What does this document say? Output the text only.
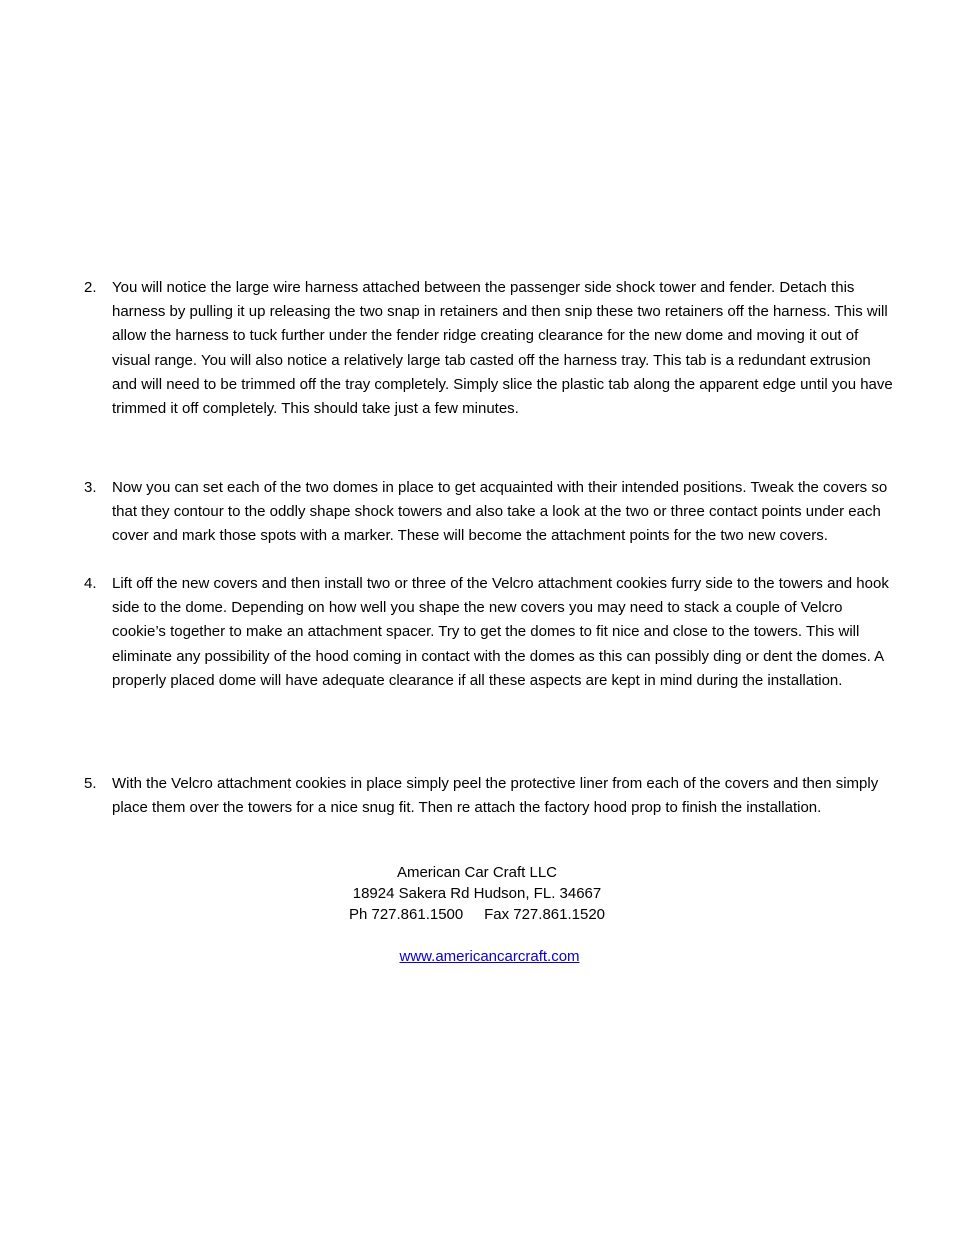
2.	You will notice the large wire harness attached between the passenger side shock tower and fender. Detach this harness by pulling it up releasing the two snap in retainers and then snip these two retainers off the harness. This will allow the harness to tuck further under the fender ridge creating clearance for the new dome and moving it out of visual range. You will also notice a relatively large tab casted off the harness tray. This tab is a redundant extrusion and will need to be trimmed off the tray completely. Simply slice the plastic tab along the apparent edge until you have trimmed it off completely. This should take just a few minutes.
3.	Now you can set each of the two domes in place to get acquainted with their intended positions. Tweak the covers so that they contour to the oddly shape shock towers and also take a look at the two or three contact points under each cover and mark those spots with a marker. These will become the attachment points for the two new covers.
4.	Lift off the new covers and then install two or three of the Velcro attachment cookies furry side to the towers and hook side to the dome. Depending on how well you shape the new covers you may need to stack a couple of Velcro cookie’s together to make an attachment spacer. Try to get the domes to fit nice and close to the towers. This will eliminate any possibility of the hood coming in contact with the domes as this can possibly ding or dent the domes. A properly placed dome will have adequate clearance if all these aspects are kept in mind during the installation.
5.	With the Velcro attachment cookies in place simply peel the protective liner from each of the covers and then simply place them over the towers for a nice snug fit. Then re attach the factory hood prop to finish the installation.
American Car Craft LLC
18924 Sakera Rd Hudson, FL. 34667
Ph 727.861.1500     Fax 727.861.1520

www.americancarcraft.com
